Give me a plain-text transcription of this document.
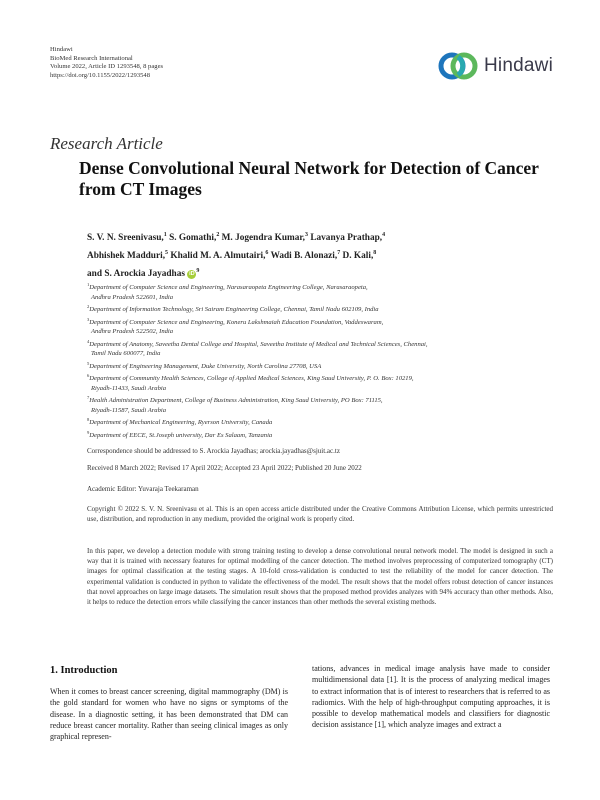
Hindawi
BioMed Research International
Volume 2022, Article ID 1293548, 8 pages
https://doi.org/10.1155/2022/1293548	Hindawi
Research Article
Dense Convolutional Neural Network for Detection of Cancer from CT Images
S. V. N. Sreenivasu,$^1$ S. Gomathi,$^2$ M. Jogendra Kumar,$^3$ Lavanya Prathap,$^4$
Abhishek Madduri,$^5$ Khalid M. A. Almutairi,$^6$ Wadi B. Alonazi,$^7$ D. Kali,$^8$
and S. Arockia Jayadhas iD $^9$
$^1$Department of Computer Science and Engineering, Narasaraopeta Engineering College, Narasaraopeta,
Andhra Pradesh 522601, India
$^2$Department of Information Technology, Sri Sairam Engineering College, Chennai, Tamil Nadu 602109, India
$^3$Department of Computer Science and Engineering, Koneru Lakshmaiah Education Foundation, Vaddeswaram,
Andhra Pradesh 522502, India
$^4$Department of Anatomy, Saveetha Dental College and Hospital, Saveetha Institute of Medical and Technical Sciences, Chennai,
Tamil Nadu 600077, India
$^5$Department of Engineering Management, Duke University, North Carolina 27708, USA
$^6$Department of Community Health Sciences, College of Applied Medical Sciences, King Saud University, P. O. Box: 10219,
Riyadh-11433, Saudi Arabia
$^7$Health Administration Department, College of Business Administration, King Saud University, PO Box: 71115,
Riyadh-11587, Saudi Arabia
$^8$Department of Mechanical Engineering, Ryerson University, Canada
$^9$Department of EECE, St.Joseph university, Dar Es Salaam, Tanzania
Correspondence should be addressed to S. Arockia Jayadhas; arockia.jayadhas@sjuit.ac.tz
Received 8 March 2022; Revised 17 April 2022; Accepted 23 April 2022; Published 20 June 2022
Academic Editor: Yuvaraja Teekaraman
Copyright © 2022 S. V. N. Sreenivasu et al. This is an open access article distributed under the Creative Commons Attribution License, which permits unrestricted use, distribution, and reproduction in any medium, provided the original work is properly cited.
In this paper, we develop a detection module with strong training testing to develop a dense convolutional neural network model. The model is designed in such a way that it is trained with necessary features for optimal modelling of the cancer detection. The method involves preprocessing of computerized tomography (CT) images for optimal classification at the testing stages. A 10-fold cross-validation is conducted to test the reliability of the model for cancer detection. The experimental validation is conducted in python to validate the effectiveness of the model. The result shows that the model offers robust detection of cancer instances that novel approaches on large image datasets. The simulation result shows that the proposed method provides analyzes with 94% accuracy than other methods. Also, it helps to reduce the detection errors while classifying the cancer instances than other methods the several existing methods.
1. Introduction
When it comes to breast cancer screening, digital mammography (DM) is the gold standard for women who have no signs or symptoms of the disease. In a diagnostic setting, it has been demonstrated that DM can reduce breast cancer mortality. Rather than seeing clinical images as only graphical represen-
tations, advances in medical image analysis have made to consider multidimensional data [1]. It is the process of analyzing medical images to extract information that is of interest to researchers that is referred to as radiomics. With the help of high-throughput computing approaches, it is possible to develop mathematical models and classifiers for diagnostic decision assistance [1], which analyze images and extract a
